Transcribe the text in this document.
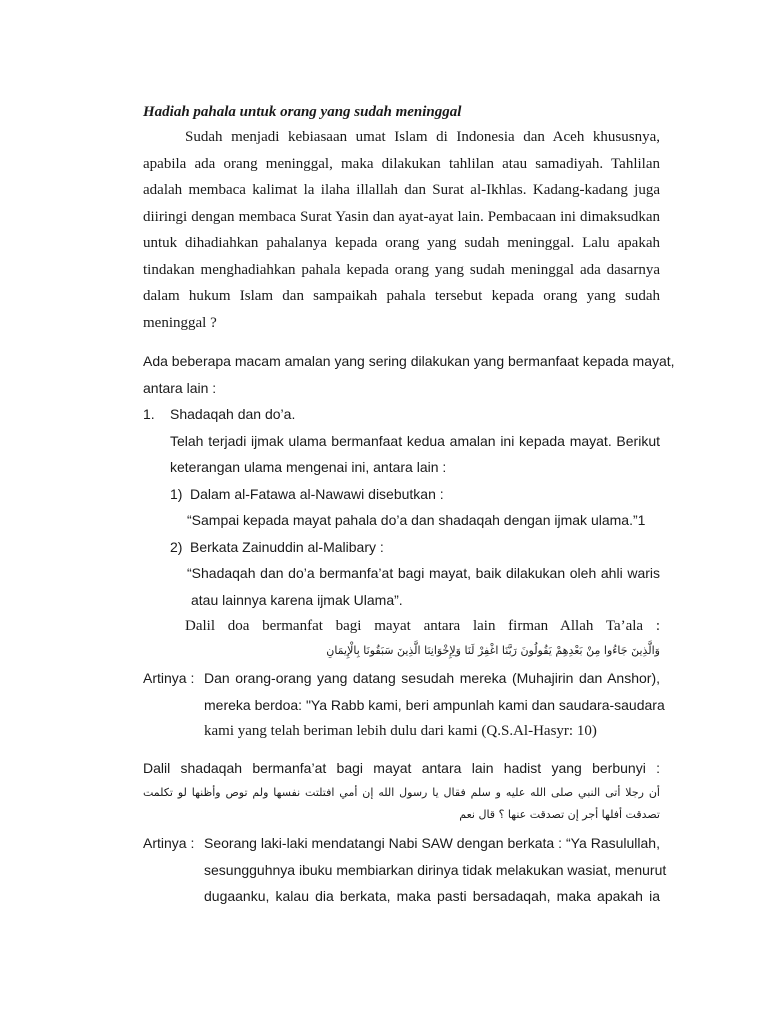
Hadiah pahala untuk orang yang sudah meninggal

Sudah menjadi kebiasaan umat Islam di Indonesia dan Aceh khususnya,
apabila ada orang meninggal, maka dilakukan tahlilan atau samadiyah. Tahlilan
adalah membaca kalimat la ilaha illallah dan Surat al-Ikhlas. Kadang-kadang juga
diiringi dengan membaca Surat Yasin dan ayat-ayat lain. Pembacaan ini dimaksudkan
untuk dihadiahkan pahalanya kepada orang yang sudah meninggal. Lalu apakah
tindakan menghadiahkan pahala kepada orang yang sudah meninggal ada dasarnya
dalam hukum Islam dan sampaikah pahala tersebut kepada orang yang sudah
meninggal ?
Ada beberapa macam amalan yang sering dilakukan yang bermanfaat kepada mayat,
antara lain :
1.	Shadaqah dan do’a.
Telah terjadi ijmak ulama bermanfaat kedua amalan ini kepada mayat. Berikut
keterangan ulama mengenai ini, antara lain :
1) Dalam al-Fatawa al-Nawawi disebutkan :
“Sampai kepada mayat pahala do’a dan shadaqah dengan ijmak ulama.”1
2) Berkata Zainuddin al-Malibary :
“Shadaqah dan do’a bermanfa’at bagi mayat, baik dilakukan oleh ahli waris
atau lainnya karena ijmak Ulama”.
Dalil doa bermanfat bagi mayat antara lain firman Allah Ta’ala :
وَالَّذِينَ جَاءُوا مِنْ بَعْدِهِمْ يَقُولُونَ رَبَّنَا اغْفِرْ لَنَا وَلِإِخْوَانِنَا الَّذِينَ سَبَقُونَا بِالْإِيمَانِ
Artinya : Dan orang-orang yang datang sesudah mereka (Muhajirin dan Anshor),
mereka berdoa: "Ya Rabb kami, beri ampunlah kami dan saudara-saudara
kami yang telah beriman lebih dulu dari kami (Q.S.Al-Hasyr: 10)
Dalil shadaqah bermanfa’at bagi mayat antara lain hadist yang berbunyi :
أن رجلا أتى النبي صلى الله عليه و سلم فقال يا رسول الله إن أمي افتلتت نفسها ولم توص وأظنها لو تكلمت
تصدقت أفلها أجر إن تصدقت عنها ؟ قال نعم
Artinya : Seorang laki-laki mendatangi Nabi SAW dengan berkata : “Ya Rasulullah,
sesungguhnya ibuku membiarkan dirinya tidak melakukan wasiat, menurut
dugaanku, kalau dia berkata, maka pasti bersadaqah, maka apakah ia
